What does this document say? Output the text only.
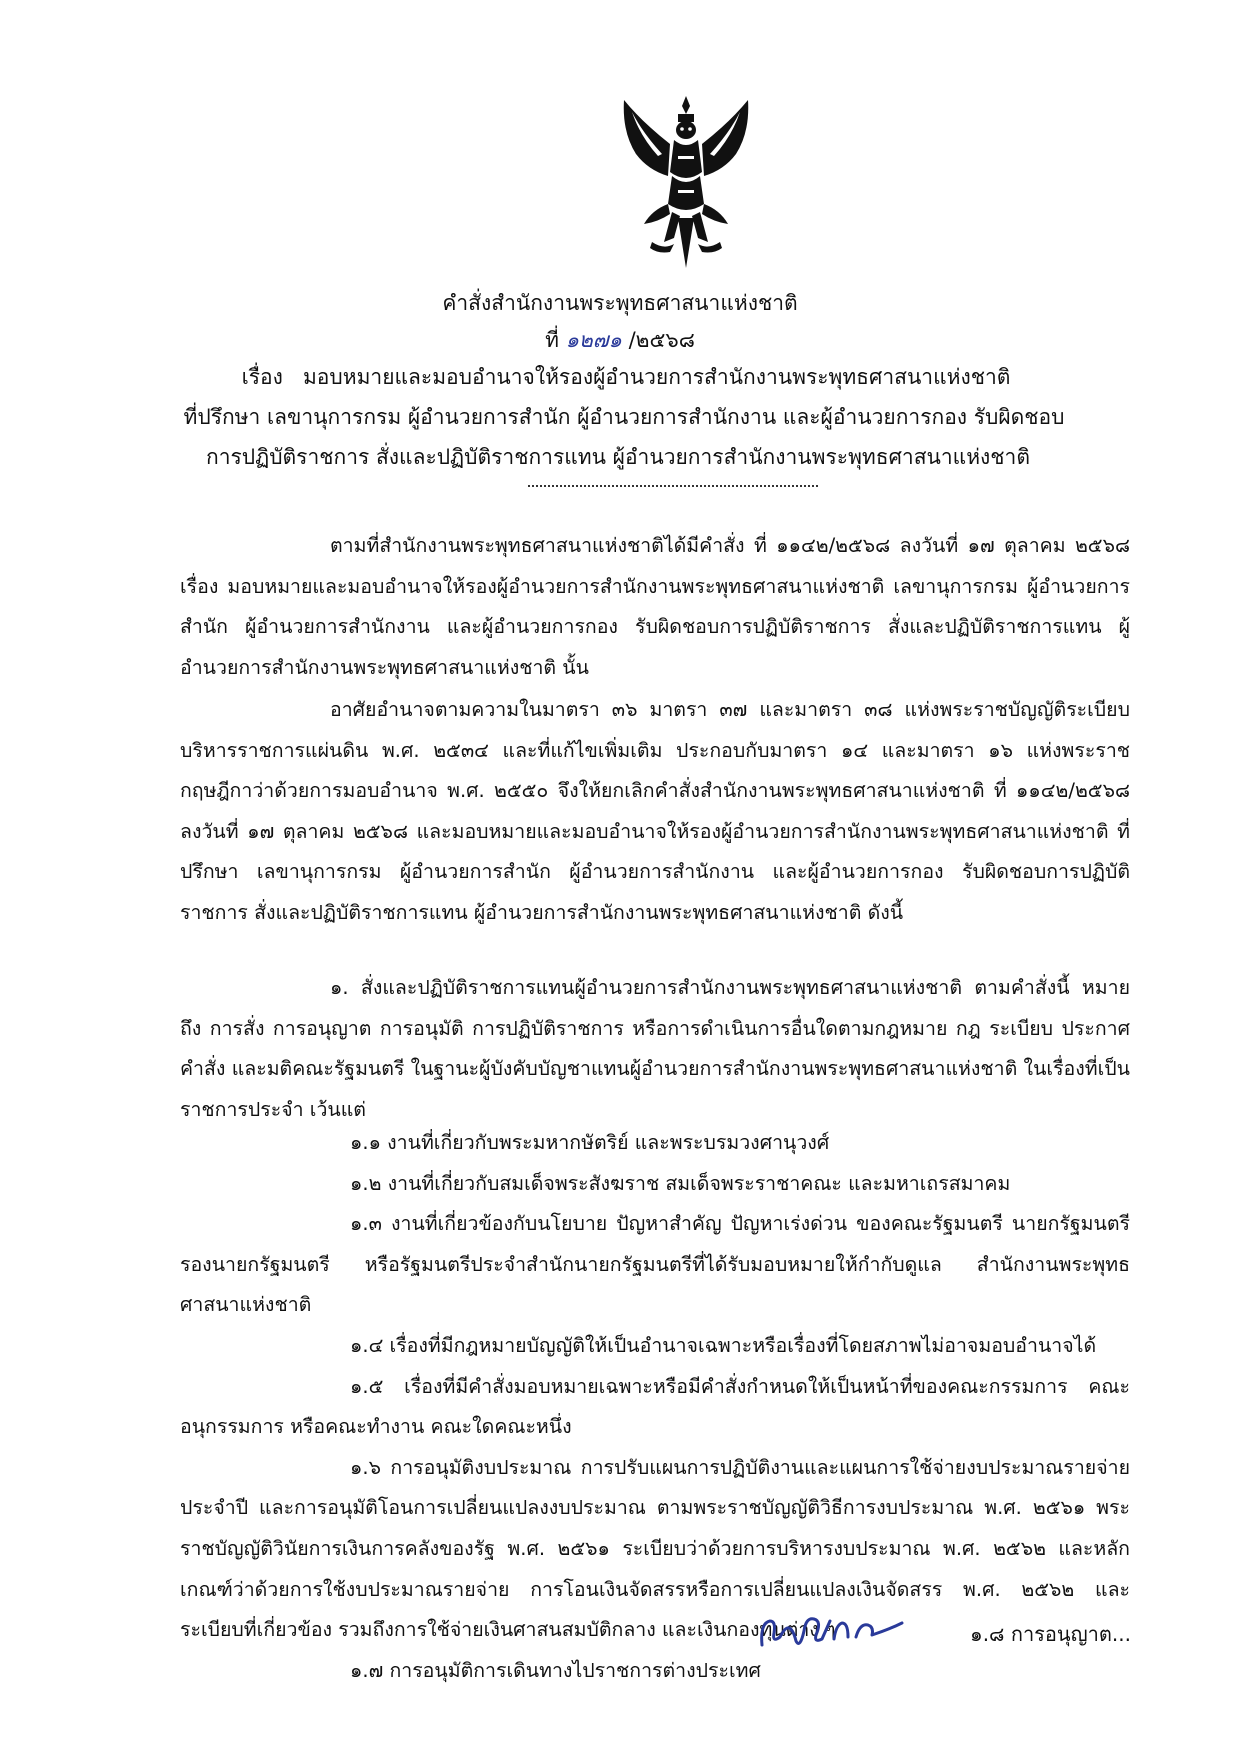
คำสั่งสำนักงานพระพุทธศาสนาแห่งชาติ
ที่ ๑๒๗๑ /๒๕๖๘
เรื่อง มอบหมายและมอบอำนาจให้รองผู้อำนวยการสำนักงานพระพุทธศาสนาแห่งชาติ
ที่ปรึกษา เลขานุการกรม ผู้อำนวยการสำนัก ผู้อำนวยการสำนักงาน และผู้อำนวยการกอง รับผิดชอบ
การปฏิบัติราชการ สั่งและปฏิบัติราชการแทน ผู้อำนวยการสำนักงานพระพุทธศาสนาแห่งชาติ

ตามที่สำนักงานพระพุทธศาสนาแห่งชาติได้มีคำสั่ง ที่ ๑๑๔๒/๒๕๖๘ ลงวันที่ ๑๗ ตุลาคม ๒๕๖๘ เรื่อง มอบหมายและมอบอำนาจให้รองผู้อำนวยการสำนักงานพระพุทธศาสนาแห่งชาติ เลขานุการกรม ผู้อำนวยการสำนัก ผู้อำนวยการสำนักงาน และผู้อำนวยการกอง รับผิดชอบการปฏิบัติราชการ สั่งและปฏิบัติราชการแทน ผู้อำนวยการสำนักงานพระพุทธศาสนาแห่งชาติ นั้น

อาศัยอำนาจตามความในมาตรา ๓๖ มาตรา ๓๗ และมาตรา ๓๘ แห่งพระราชบัญญัติระเบียบบริหารราชการแผ่นดิน พ.ศ. ๒๕๓๔ และที่แก้ไขเพิ่มเติม ประกอบกับมาตรา ๑๔ และมาตรา ๑๖ แห่งพระราชกฤษฎีกาว่าด้วยการมอบอำนาจ พ.ศ. ๒๕๕๐ จึงให้ยกเลิกคำสั่งสำนักงานพระพุทธศาสนาแห่งชาติ ที่ ๑๑๔๒/๒๕๖๘ ลงวันที่ ๑๗ ตุลาคม ๒๕๖๘ และมอบหมายและมอบอำนาจให้รองผู้อำนวยการสำนักงานพระพุทธศาสนาแห่งชาติ ที่ปรึกษา เลขานุการกรม ผู้อำนวยการสำนัก ผู้อำนวยการสำนักงาน และผู้อำนวยการกอง รับผิดชอบการปฏิบัติราชการ สั่งและปฏิบัติราชการแทน ผู้อำนวยการสำนักงานพระพุทธศาสนาแห่งชาติ ดังนี้

๑. สั่งและปฏิบัติราชการแทนผู้อำนวยการสำนักงานพระพุทธศาสนาแห่งชาติ ตามคำสั่งนี้ หมายถึง การสั่ง การอนุญาต การอนุมัติ การปฏิบัติราชการ หรือการดำเนินการอื่นใดตามกฎหมาย กฎ ระเบียบ ประกาศ คำสั่ง และมติคณะรัฐมนตรี ในฐานะผู้บังคับบัญชาแทนผู้อำนวยการสำนักงานพระพุทธศาสนาแห่งชาติ ในเรื่องที่เป็นราชการประจำ เว้นแต่

๑.๑ งานที่เกี่ยวกับพระมหากษัตริย์ และพระบรมวงศานุวงศ์

๑.๒ งานที่เกี่ยวกับสมเด็จพระสังฆราช สมเด็จพระราชาคณะ และมหาเถรสมาคม

๑.๓ งานที่เกี่ยวข้องกับนโยบาย ปัญหาสำคัญ ปัญหาเร่งด่วน ของคณะรัฐมนตรี นายกรัฐมนตรี รองนายกรัฐมนตรี หรือรัฐมนตรีประจำสำนักนายกรัฐมนตรีที่ได้รับมอบหมายให้กำกับดูแล สำนักงานพระพุทธศาสนาแห่งชาติ

๑.๔ เรื่องที่มีกฎหมายบัญญัติให้เป็นอำนาจเฉพาะหรือเรื่องที่โดยสภาพไม่อาจมอบอำนาจได้

๑.๕ เรื่องที่มีคำสั่งมอบหมายเฉพาะหรือมีคำสั่งกำหนดให้เป็นหน้าที่ของคณะกรรมการ คณะอนุกรรมการ หรือคณะทำงาน คณะใดคณะหนึ่ง

๑.๖ การอนุมัติงบประมาณ การปรับแผนการปฏิบัติงานและแผนการใช้จ่ายงบประมาณรายจ่ายประจำปี และการอนุมัติโอนการเปลี่ยนแปลงงบประมาณ ตามพระราชบัญญัติวิธีการงบประมาณ พ.ศ. ๒๕๖๑ พระราชบัญญัติวินัยการเงินการคลังของรัฐ พ.ศ. ๒๕๖๑ ระเบียบว่าด้วยการบริหารงบประมาณ พ.ศ. ๒๕๖๒ และหลักเกณฑ์ว่าด้วยการใช้งบประมาณรายจ่าย การโอนเงินจัดสรรหรือการเปลี่ยนแปลงเงินจัดสรร พ.ศ. ๒๕๖๒ และระเบียบที่เกี่ยวข้อง รวมถึงการใช้จ่ายเงินศาสนสมบัติกลาง และเงินกองทุนต่าง ๆ

๑.๗ การอนุมัติการเดินทางไปราชการต่างประเทศ

๑.๘ การอนุญาต...
